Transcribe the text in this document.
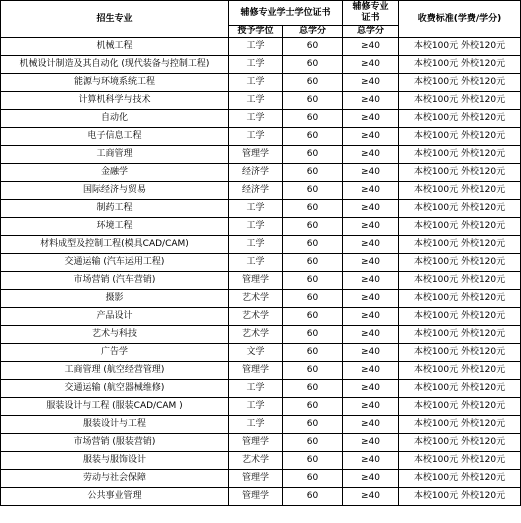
招生专业	辅修专业学士学位证书		辅修专业证书	收费标准(学费/学分)
	授予学位	总学分	总学分	
机械工程	工学	60	≥40	本校100元 外校120元
机械设计制造及其自动化 (现代装备与控制工程)	工学	60	≥40	本校100元 外校120元
能源与环境系统工程	工学	60	≥40	本校100元 外校120元
计算机科学与技术	工学	60	≥40	本校100元 外校120元
自动化	工学	60	≥40	本校100元 外校120元
电子信息工程	工学	60	≥40	本校100元 外校120元
工商管理	管理学	60	≥40	本校100元 外校120元
金融学	经济学	60	≥40	本校100元 外校120元
国际经济与贸易	经济学	60	≥40	本校100元 外校120元
制药工程	工学	60	≥40	本校100元 外校120元
环境工程	工学	60	≥40	本校100元 外校120元
材料成型及控制工程(模具CAD/CAM)	工学	60	≥40	本校100元 外校120元
交通运输 (汽车运用工程)	工学	60	≥40	本校100元 外校120元
市场营销 (汽车营销)	管理学	60	≥40	本校100元 外校120元
摄影	艺术学	60	≥40	本校100元 外校120元
产品设计	艺术学	60	≥40	本校100元 外校120元
艺术与科技	艺术学	60	≥40	本校100元 外校120元
广告学	文学	60	≥40	本校100元 外校120元
工商管理 (航空经营管理)	管理学	60	≥40	本校100元 外校120元
交通运输 (航空器械维修)	工学	60	≥40	本校100元 外校120元
服装设计与工程 (服装CAD/CAM )	工学	60	≥40	本校100元 外校120元
服装设计与工程	工学	60	≥40	本校100元 外校120元
市场营销 (服装营销)	管理学	60	≥40	本校100元 外校120元
服装与服饰设计	艺术学	60	≥40	本校100元 外校120元
劳动与社会保障	管理学	60	≥40	本校100元 外校120元
公共事业管理	管理学	60	≥40	本校100元 外校120元
